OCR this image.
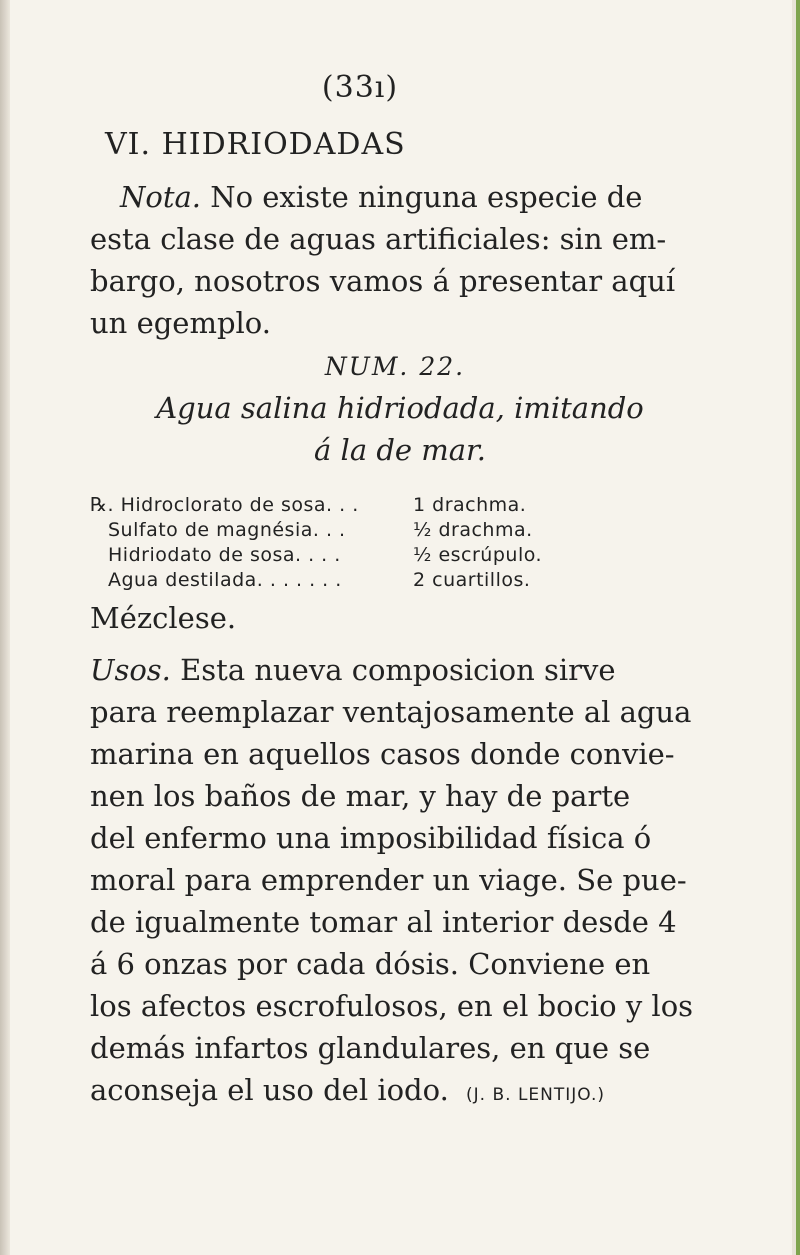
(33ı)
VI. HIDRIODADAS

Nota. No existe ninguna especie de

esta clase de aguas artificiales: sin em-

bargo, nosotros vamos á presentar aquí

un egemplo.

NUM. 22.
Agua salina hidriodada, imitando
á la de mar.
℞. Hidroclorato de sosa. . .	1 drachma.
Sulfato de magnésia. . .	½ drachma.
Hidriodato de sosa. . . .	½ escrúpulo.
Agua destilada. . . . . . .	2 cuartillos.
Mézclese.

Usos. Esta nueva composicion sirve

para reemplazar ventajosamente al agua

marina en aquellos casos donde convie-

nen los baños de mar, y hay de parte

del enfermo una imposibilidad física ó

moral para emprender un viage. Se pue-

de igualmente tomar al interior desde 4

á 6 onzas por cada dósis. Conviene en

los afectos escrofulosos, en el bocio y los

demás infartos glandulares, en que se

aconseja el uso del iodo. (J. B. LENTIJO.)
